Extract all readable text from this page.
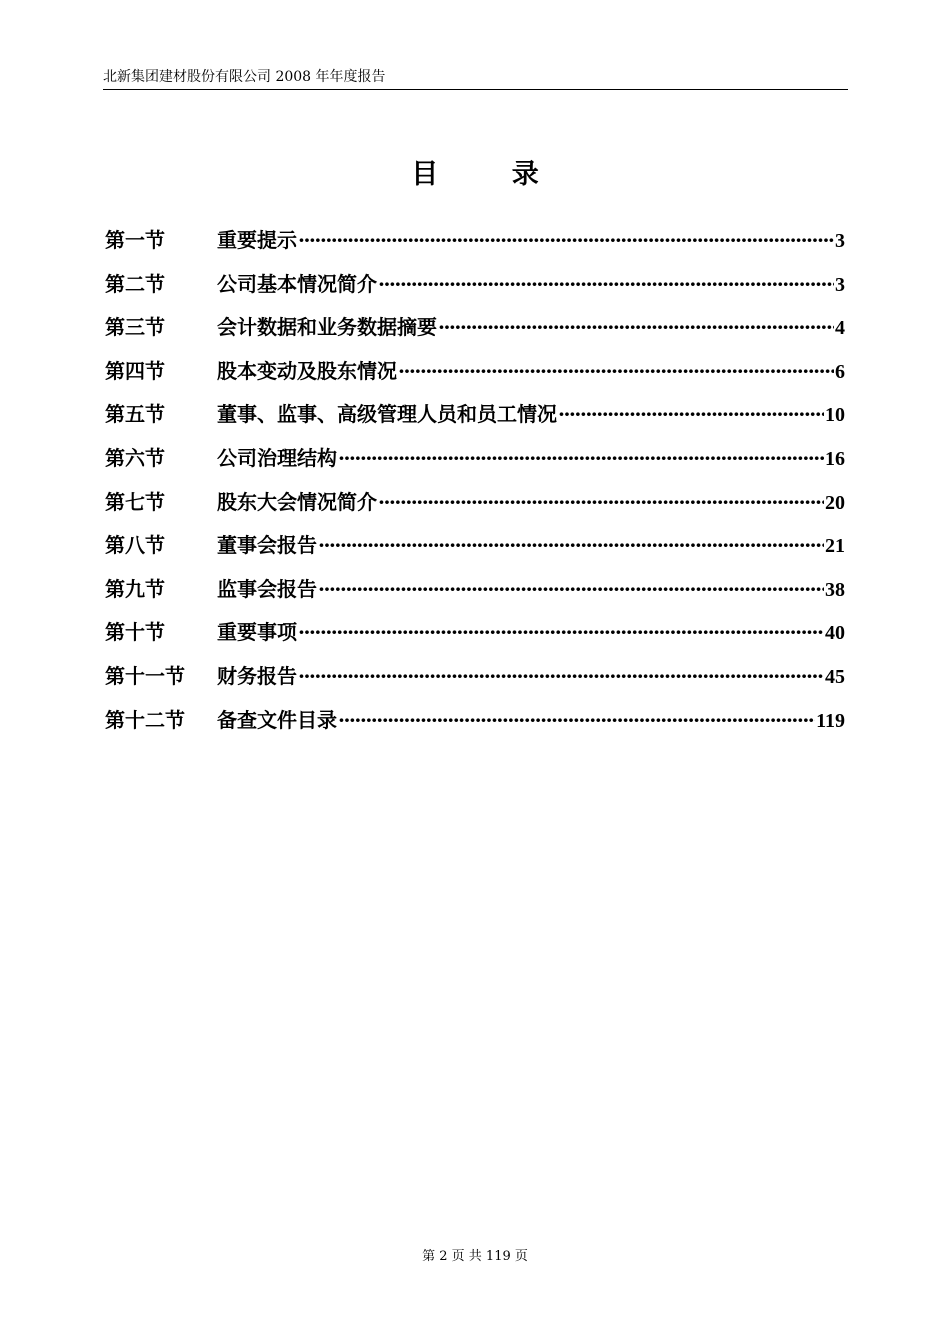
北新集团建材股份有限公司 2008 年年度报告
目 录
第一节	重要提示 ·····	3
第二节	公司基本情况简介 ·····	3
第三节	会计数据和业务数据摘要 ·····	4
第四节	股本变动及股东情况 ·····	6
第五节	董事、监事、高级管理人员和员工情况 ·····	10
第六节	公司治理结构 ·····	16
第七节	股东大会情况简介 ·····	20
第八节	董事会报告 ·····	21
第九节	监事会报告 ·····	38
第十节	重要事项 ·····	40
第十一节	财务报告 ·····	45
第十二节	备查文件目录 ·····	119
第 2 页 共 119 页
